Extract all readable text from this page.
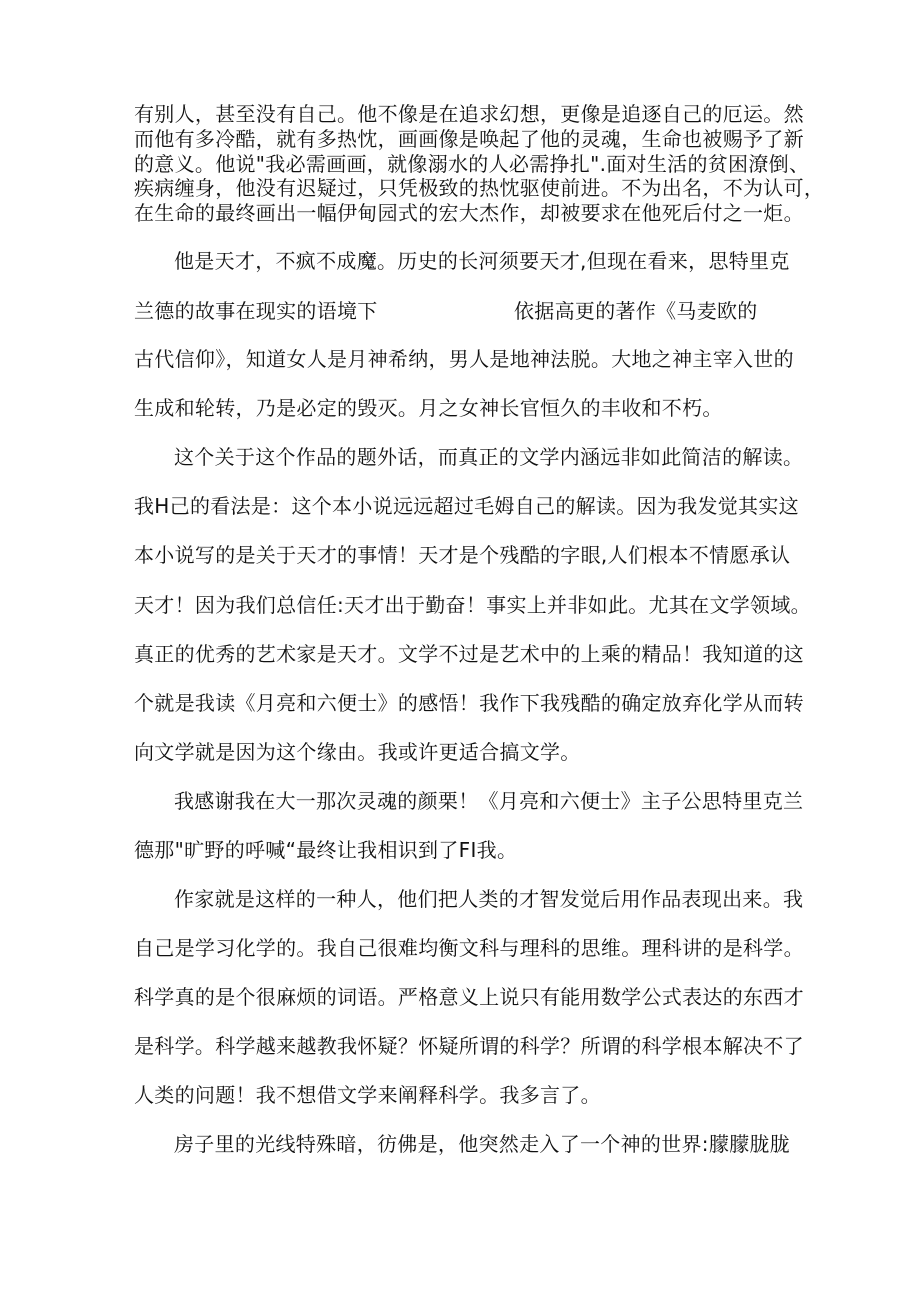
有别人，甚至没有自己。他不像是在追求幻想，更像是追逐自己的厄运。然
而他有多冷酷，就有多热忱，画画像是唤起了他的灵魂，生命也被赐予了新
的意义。他说"我必需画画，就像溺水的人必需挣扎".面对生活的贫困潦倒、
疾病缠身，他没有迟疑过，只凭极致的热忱驱使前进。不为出名，不为认可，
在生命的最终画出一幅伊甸园式的宏大杰作，却被要求在他死后付之一炬。
他是天才，不疯不成魔。历史的长河须要天才,但现在看来，思特里克
兰德的故事在现实的语境下	依据高更的著作《马麦欧的
古代信仰》，知道女人是月神希纳，男人是地神法脱。大地之神主宰入世的
生成和轮转，乃是必定的毁灭。月之女神长官恒久的丰收和不朽。
这个关于这个作品的题外话，而真正的文学内涵远非如此简洁的解读。
我H己的看法是：这个本小说远远超过毛姆自己的解读。因为我发觉其实这
本小说写的是关于天才的事情！天才是个残酷的字眼,人们根本不情愿承认
天才！因为我们总信任:天才出于勤奋！事实上并非如此。尤其在文学领域。
真正的优秀的艺术家是天才。文学不过是艺术中的上乘的精品！我知道的这
个就是我读《月亮和六便士》的感悟！我作下我残酷的确定放弃化学从而转
向文学就是因为这个缘由。我或许更适合搞文学。
我感谢我在大一那次灵魂的颜栗！《月亮和六便士》主子公思特里克兰
德那"旷野的呼喊“最终让我相识到了FI我。
作家就是这样的一种人，他们把人类的才智发觉后用作品表现出来。我
自己是学习化学的。我自己很难均衡文科与理科的思维。理科讲的是科学。
科学真的是个很麻烦的词语。严格意义上说只有能用数学公式表达的东西才
是科学。科学越来越教我怀疑？怀疑所谓的科学？所谓的科学根本解决不了
人类的问题！我不想借文学来阐释科学。我多言了。
房子里的光线特殊暗，彷佛是，他突然走入了一个神的世界:朦朦胧胧
